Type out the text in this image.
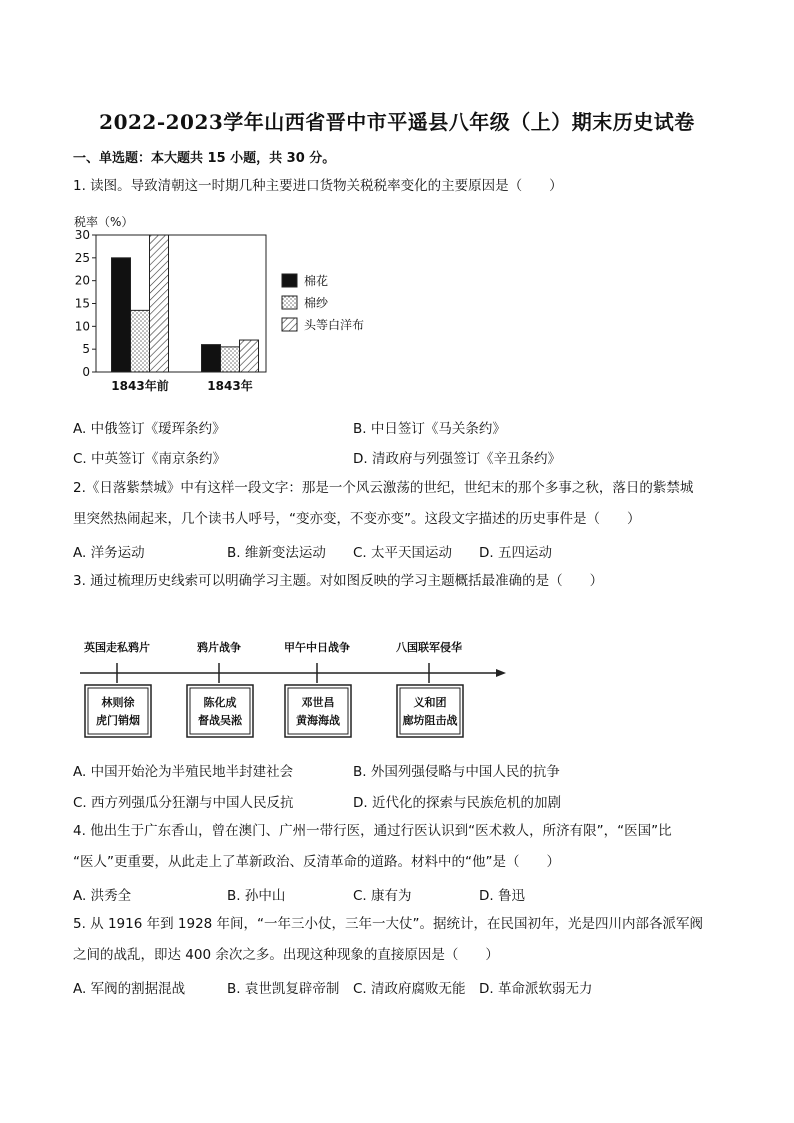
2022-2023学年山西省晋中市平遥县八年级（上）期末历史试卷
一、单选题：本大题共 15 小题，共 30 分。
1. 读图。导致清朝这一时期几种主要进口货物关税税率变化的主要原因是（　　）
税率（%）
0
5
10
15
20
25
30
1843年前	1843年
棉花
棉纱
头等白洋布
A. 中俄签订《瑷珲条约》	B. 中日签订《马关条约》
C. 中英签订《南京条约》	D. 清政府与列强签订《辛丑条约》
2.《日落紫禁城》中有这样一段文字：那是一个风云激荡的世纪，世纪末的那个多事之秋，落日的紫禁城
里突然热闹起来，几个读书人呼号，“变亦变，不变亦变”。这段文字描述的历史事件是（　　）
A. 洋务运动	B. 维新变法运动 C. 太平天国运动 D. 五四运动
3. 通过梳理历史线索可以明确学习主题。对如图反映的学习主题概括最准确的是（　　）
英国走私鸦片
林则徐
虎门销烟
鸦片战争
陈化成
督战吴淞
甲午中日战争
邓世昌
黄海海战
八国联军侵华
义和团
廊坊阻击战
A. 中国开始沦为半殖民地半封建社会	B. 外国列强侵略与中国人民的抗争
C. 西方列强瓜分狂潮与中国人民反抗	D. 近代化的探索与民族危机的加剧
4. 他出生于广东香山，曾在澳门、广州一带行医，通过行医认识到“医术救人，所济有限”，“医国”比
“医人”更重要，从此走上了革新政治、反清革命的道路。材料中的“他”是（　　）
A. 洪秀全	B. 孙中山	C. 康有为	D. 鲁迅
5. 从 1916 年到 1928 年间，“一年三小仗，三年一大仗”。据统计，在民国初年，光是四川内部各派军阀
之间的战乱，即达 400 余次之多。出现这种现象的直接原因是（　　）
A. 军阀的割据混战	B. 袁世凯复辟帝制 C. 清政府腐败无能 D. 革命派软弱无力
